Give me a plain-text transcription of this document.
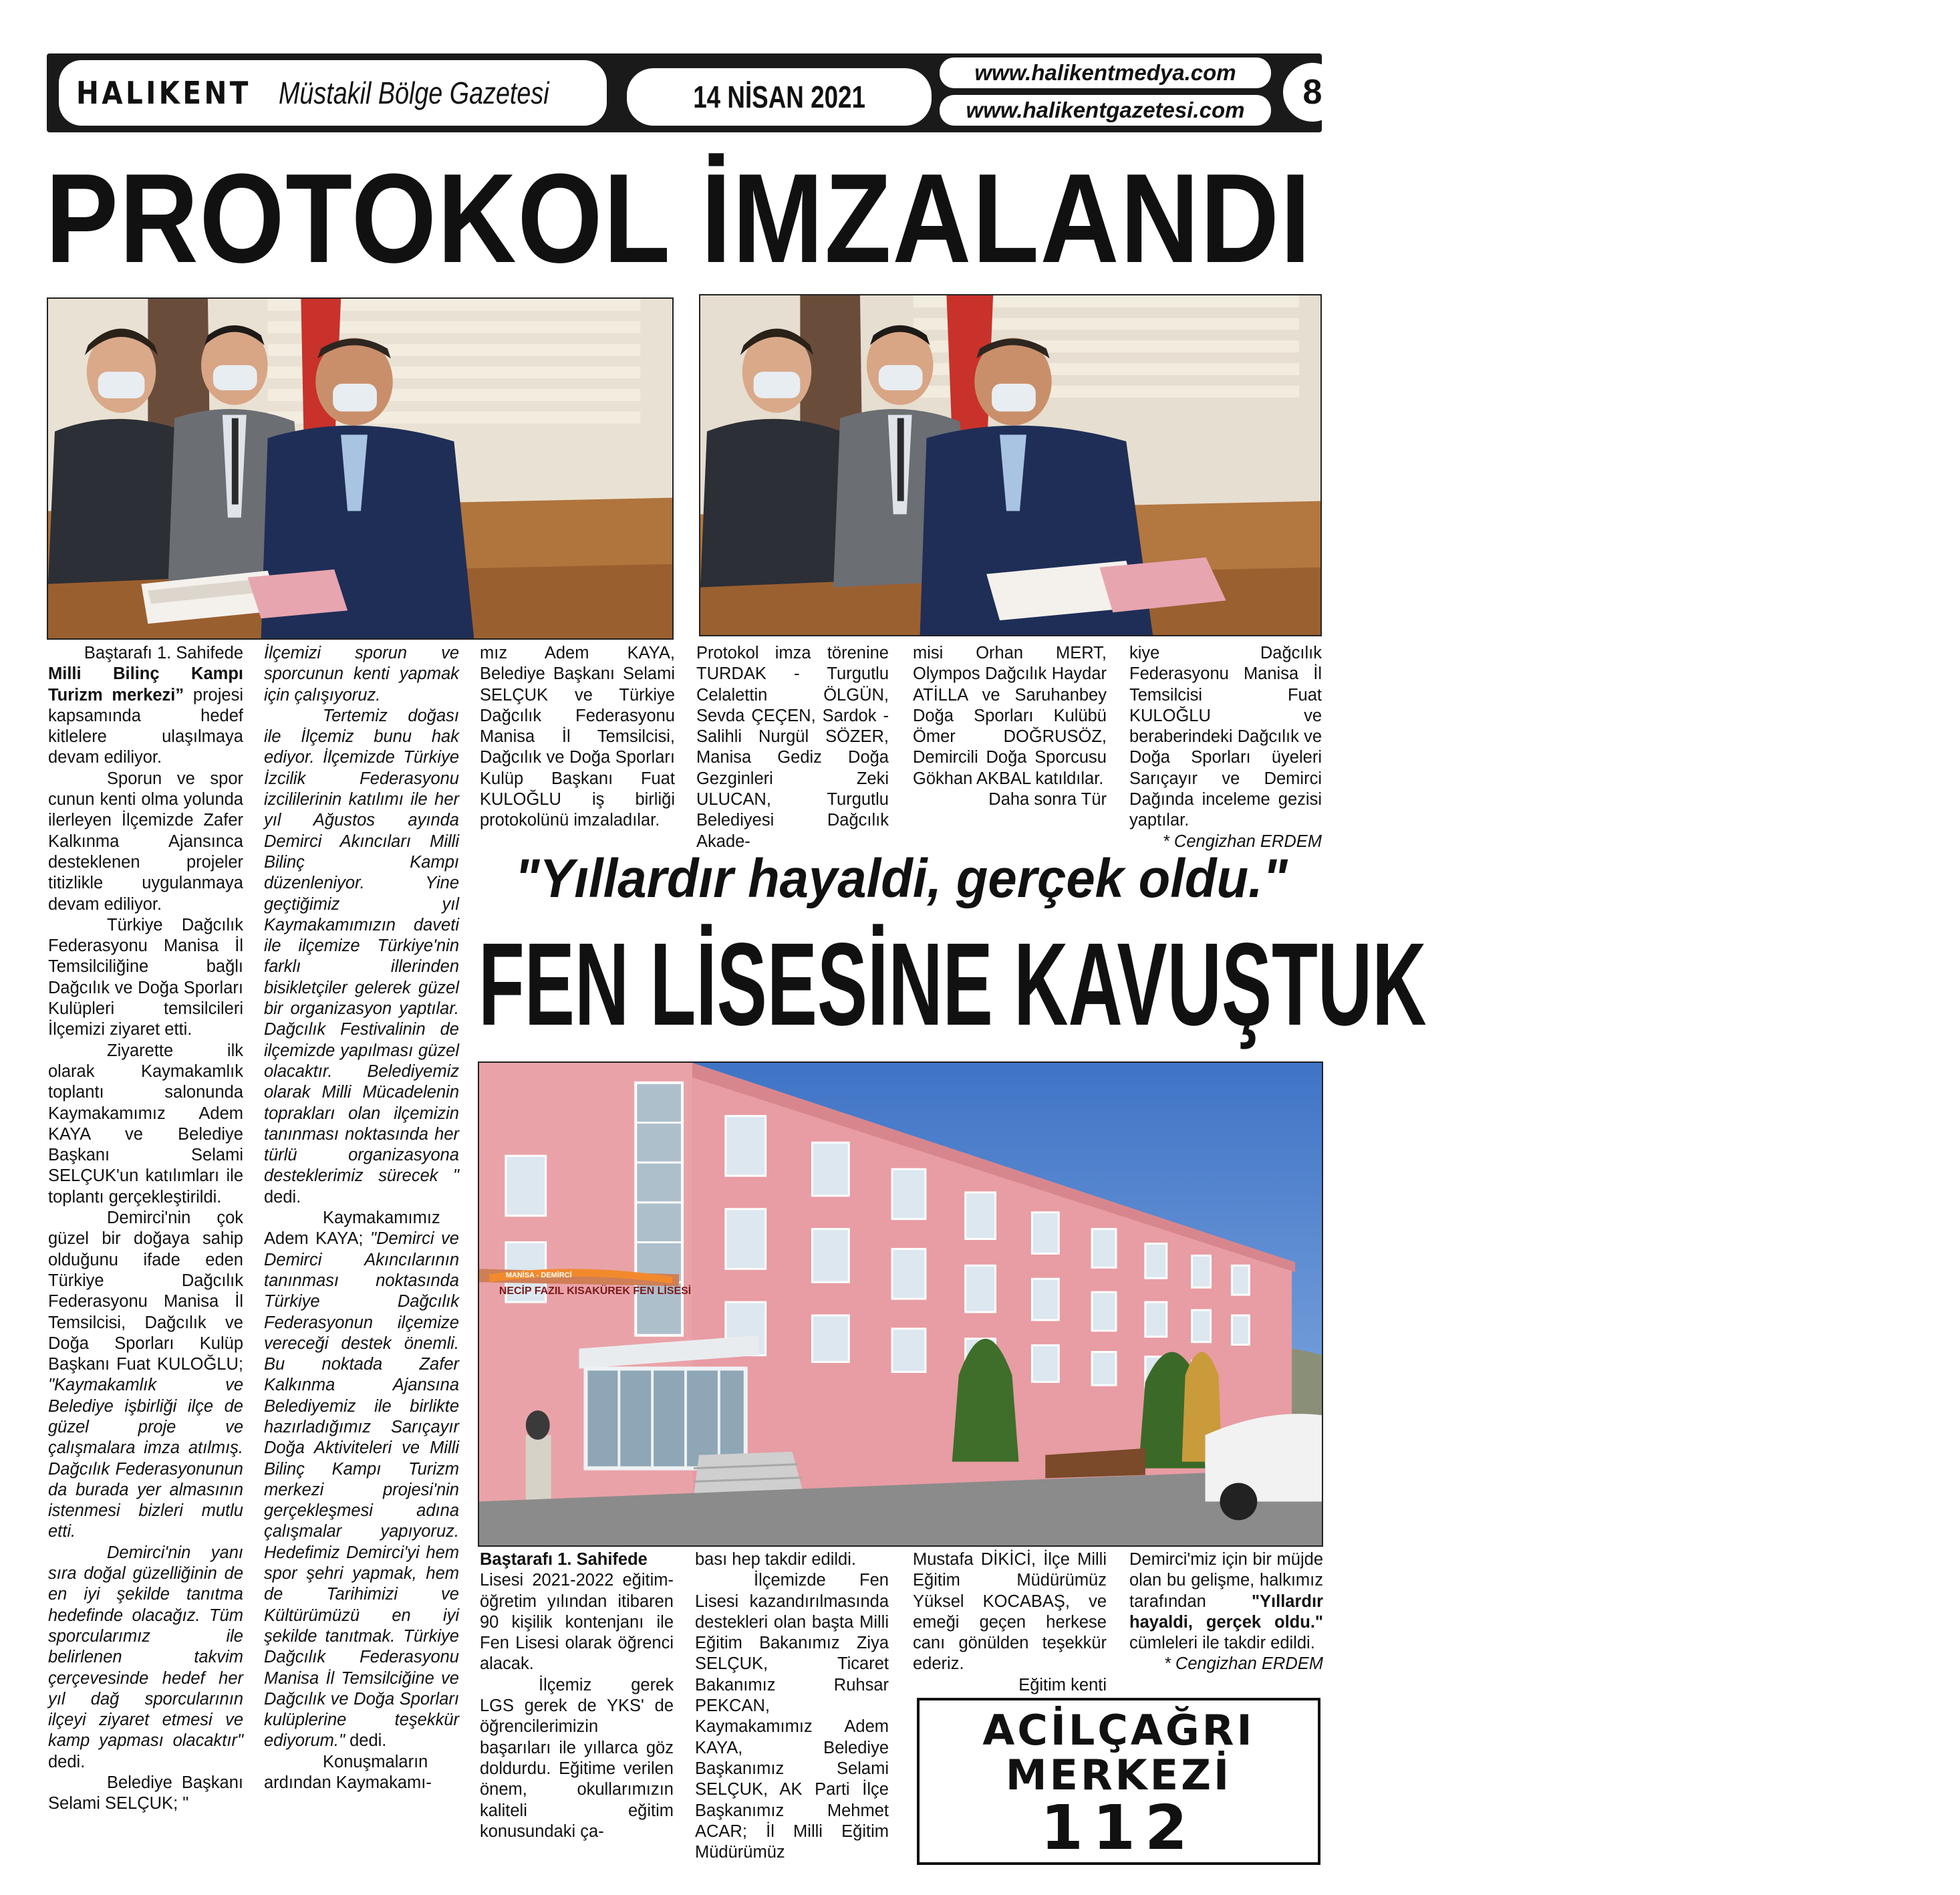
HALIKENT Müstakil Bölge Gazetesi	14 NİSAN 2021
www.halikentmedya.com
www.halikentgazetesi.com	8
PROTOKOL İMZALANDI

Baştarafı 1. Sahifede

Milli Bilinç Kampı Turizm merkezi” projesi kapsamında hedef kitlelere ulaşılmaya devam ediliyor.

Sporun ve spor cunun kenti olma yolunda ilerleyen İlçemizde Zafer Kalkınma Ajansınca desteklenen projeler titizlikle uygulanmaya devam ediliyor.

Türkiye Dağcılık Federasyonu Manisa İl Temsilciliğine bağlı Dağcılık ve Doğa Sporları Kulüpleri temsilcileri İlçemizi ziyaret etti.

Ziyarette ilk olarak Kaymakamlık toplantı salonunda Kaymakamımız Adem KAYA ve Belediye Başkanı Selami SELÇUK'un katılımları ile toplantı gerçekleştirildi.

Demirci'nin çok güzel bir doğaya sahip olduğunu ifade eden Türkiye Dağcılık Federasyonu Manisa İl Temsilcisi, Dağcılık ve Doğa Sporları Kulüp Başkanı Fuat KULOĞLU; "Kaymakamlık ve Belediye işbirliği ilçe de güzel proje ve çalışmalara imza atılmış. Dağcılık Federasyonunun da burada yer almasının istenmesi bizleri mutlu etti.

Demirci'nin yanı sıra doğal güzelliğinin de en iyi şekilde tanıtma hedefinde olacağız. Tüm sporcularımız ile belirlenen takvim çerçevesinde hedef her yıl dağ sporcularının ilçeyi ziyaret etmesi ve kamp yapması olacaktır" dedi.

Belediye Başkanı Selami SELÇUK; "

İlçemizi sporun ve sporcunun kenti yapmak için çalışıyoruz.

Tertemiz doğası ile İlçemiz bunu hak ediyor. İlçemizde Türkiye İzcilik Federasyonu izcililerinin katılımı ile her yıl Ağustos ayında Demirci Akıncıları Milli Bilinç Kampı düzenleniyor. Yine geçtiğimiz yıl Kaymakamımızın daveti ile ilçemize Türkiye'nin farklı illerinden bisikletçiler gelerek güzel bir organizasyon yaptılar. Dağcılık Festivalinin de ilçemizde yapılması güzel olacaktır. Belediyemiz olarak Milli Mücadelenin toprakları olan ilçemizin tanınması noktasında her türlü organizasyona desteklerimiz sürecek " dedi.

Kaymakamımız Adem KAYA; "Demirci ve Demirci Akıncılarının tanınması noktasında Türkiye Dağcılık Federasyonun ilçemize vereceği destek önemli. Bu noktada Zafer Kalkınma Ajansına Belediyemiz ile birlikte hazırladığımız Sarıçayır Doğa Aktiviteleri ve Milli Bilinç Kampı Turizm merkezi projesi'nin gerçekleşmesi adına çalışmalar yapıyoruz. Hedefimiz Demirci'yi hem spor şehri yapmak, hem de Tarihimizi ve Kültürümüzü en iyi şekilde tanıtmak. Türkiye Dağcılık Federasyonu Manisa İl Temsilciğine ve Dağcılık ve Doğa Sporları kulüplerine teşekkür ediyorum." dedi.

Konuşmaların ardından Kaymakamı-

mız Adem KAYA, Belediye Başkanı Selami SELÇUK ve Türkiye Dağcılık Federasyonu Manisa İl Temsilcisi, Dağcılık ve Doğa Sporları Kulüp Başkanı Fuat KULOĞLU iş birliği protokolünü imzaladılar.

Protokol imza törenine TURDAK - Turgutlu Celalettin ÖLGÜN, Sevda ÇEÇEN, Sardok - Salihli Nurgül SÖZER, Manisa Gediz Doğa Gezginleri Zeki ULUCAN, Turgutlu Belediyesi Dağcılık Akade-

misi Orhan MERT, Olympos Dağcılık Haydar ATİLLA ve Saruhanbey Doğa Sporları Kulübü Ömer DOĞRUSÖZ, Demircili Doğa Sporcusu Gökhan AKBAL katıldılar.

Daha sonra Tür

kiye Dağcılık Federasyonu Manisa İl Temsilcisi Fuat KULOĞLU ve beraberindeki Dağcılık ve Doğa Sporları üyeleri Sarıçayır ve Demirci Dağında inceleme gezisi yaptılar.

* Cengizhan ERDEM

"Yıllardır hayaldi, gerçek oldu."
FEN LİSESİNE KAVUŞTUK
MANİSA - DEMİRCİ
NECİP FAZIL KISAKÜREK FEN LİSESİ

Baştarafı 1. Sahifede

Lisesi 2021-2022 eğitim-öğretim yılından itibaren 90 kişilik kontenjanı ile Fen Lisesi olarak öğrenci alacak.

İlçemiz gerek LGS gerek de YKS' de öğrencilerimizin başarıları ile yıllarca göz doldurdu. Eğitime verilen önem, okullarımızın kaliteli eğitim konusundaki ça-

bası hep takdir edildi.

İlçemizde Fen Lisesi kazandırılmasında destekleri olan başta Milli Eğitim Bakanımız Ziya SELÇUK, Ticaret Bakanımız Ruhsar PEKCAN, Kaymakamımız Adem KAYA, Belediye Başkanımız Selami SELÇUK, AK Parti İlçe Başkanımız Mehmet ACAR; İl Milli Eğitim Müdürümüz

Mustafa DİKİCİ, İlçe Milli Eğitim Müdürümüz Yüksel KOCABAŞ, ve emeği geçen herkese canı gönülden teşekkür ederiz.

Eğitim kenti

Demirci'miz için bir müjde olan bu gelişme, halkımız tarafından "Yıllardır hayaldi, gerçek oldu." cümleleri ile takdir edildi.

* Cengizhan ERDEM

ACİLÇAĞRI
MERKEZİ
112
